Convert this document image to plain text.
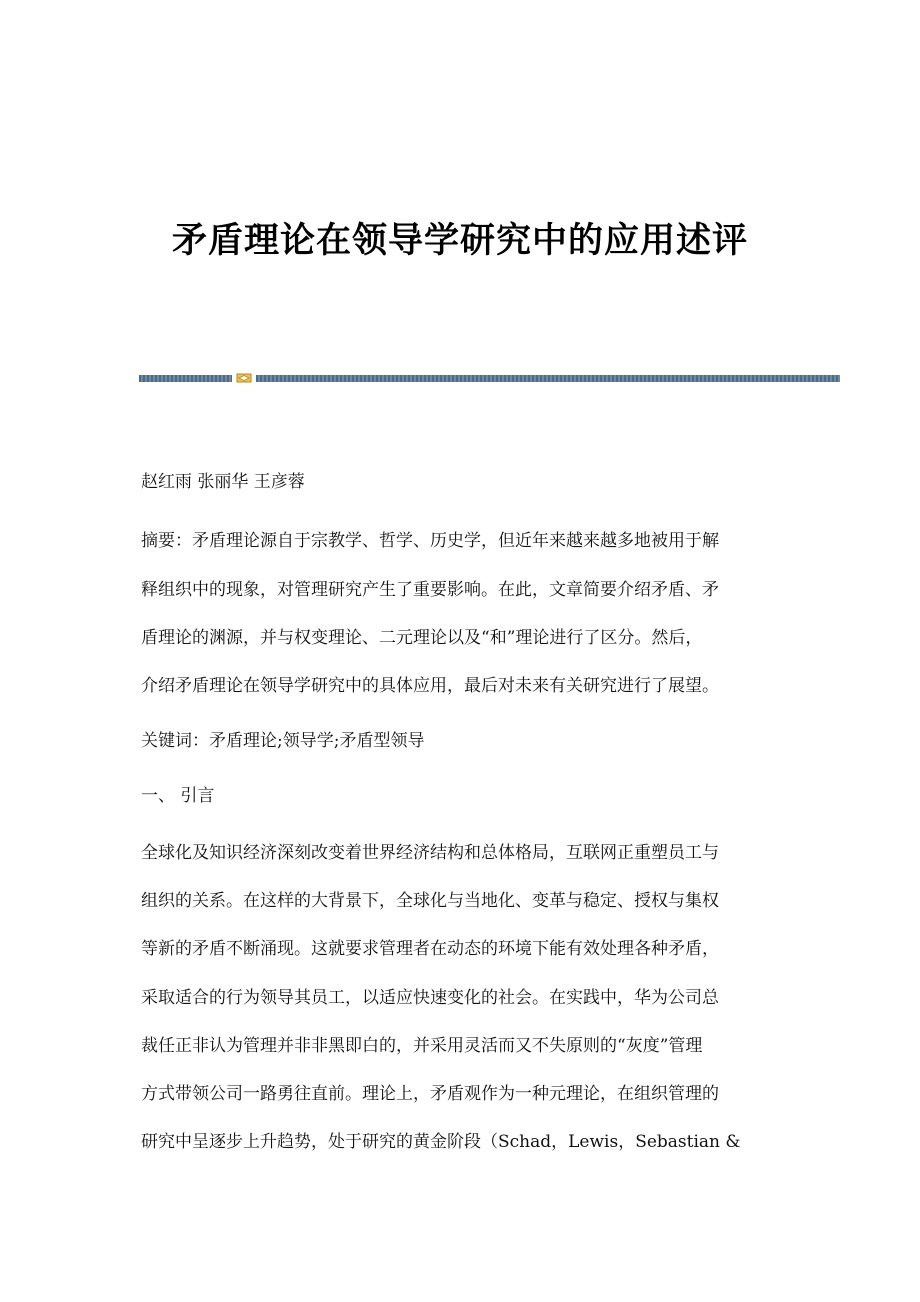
矛盾理论在领导学研究中的应用述评

赵红雨 张丽华 王彦蓉

摘要：矛盾理论源自于宗教学、哲学、历史学，但近年来越来越多地被用于解

释组织中的现象，对管理研究产生了重要影响。在此，文章简要介绍矛盾、矛

盾理论的渊源，并与权变理论、二元理论以及“和”理论进行了区分。然后，

介绍矛盾理论在领导学研究中的具体应用，最后对未来有关研究进行了展望。

关键词：矛盾理论;领导学;矛盾型领导

一、 引言

全球化及知识经济深刻改变着世界经济结构和总体格局，互联网正重塑员工与

组织的关系。在这样的大背景下，全球化与当地化、变革与稳定、授权与集权

等新的矛盾不断涌现。这就要求管理者在动态的环境下能有效处理各种矛盾，

采取适合的行为领导其员工，以适应快速变化的社会。在实践中，华为公司总

裁任正非认为管理并非非黑即白的，并采用灵活而又不失原则的“灰度”管理

方式带领公司一路勇往直前。理论上，矛盾观作为一种元理论，在组织管理的

研究中呈逐步上升趋势，处于研究的黄金阶段（Schad，Lewis，Sebastian &
